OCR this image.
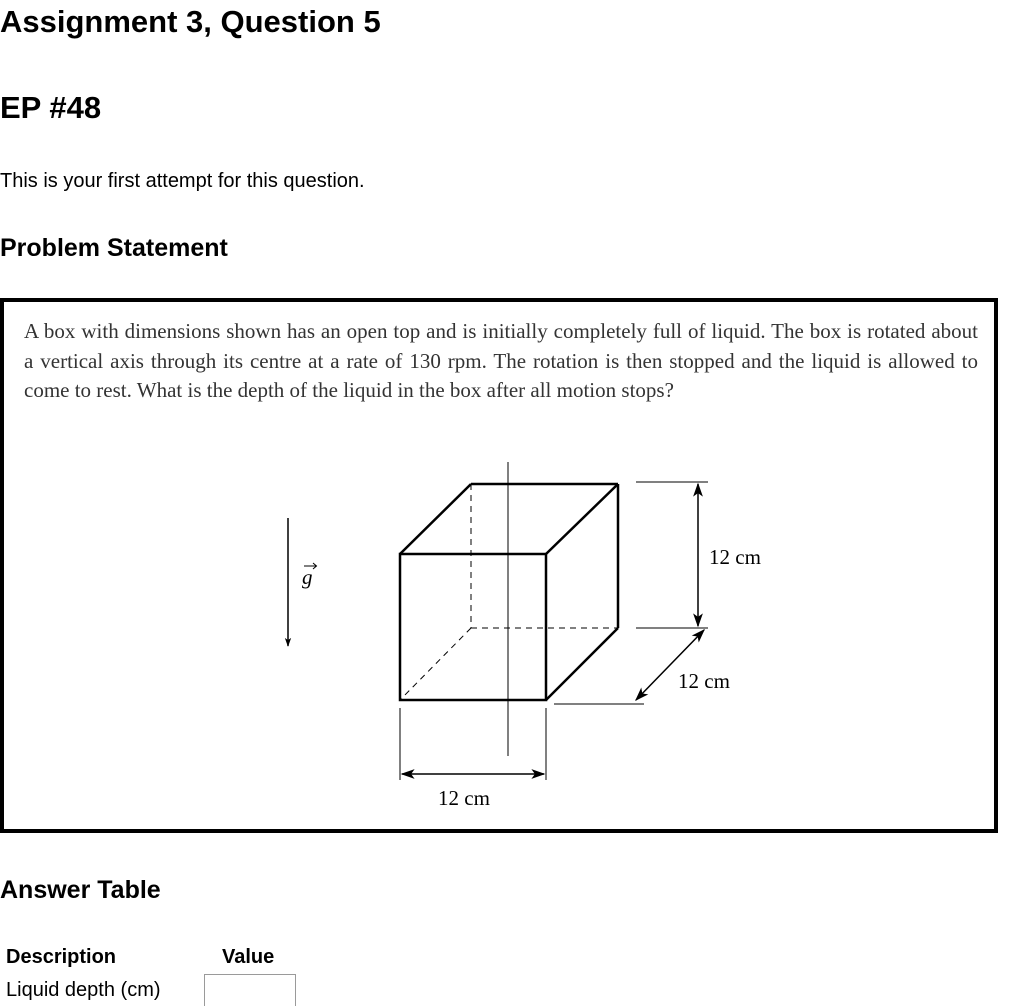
Assignment 3, Question 5
EP #48
This is your first attempt for this question.
Problem Statement
A box with dimensions shown has an open top and is initially completely full of liquid. The box is rotated about a vertical axis through its centre at a rate of 130 rpm. The rotation is then stopped and the liquid is allowed to come to rest. What is the depth of the liquid in the box after all motion stops?
g
12 cm
12 cm
12 cm
Answer Table
Description	Value
Liquid depth (cm)
